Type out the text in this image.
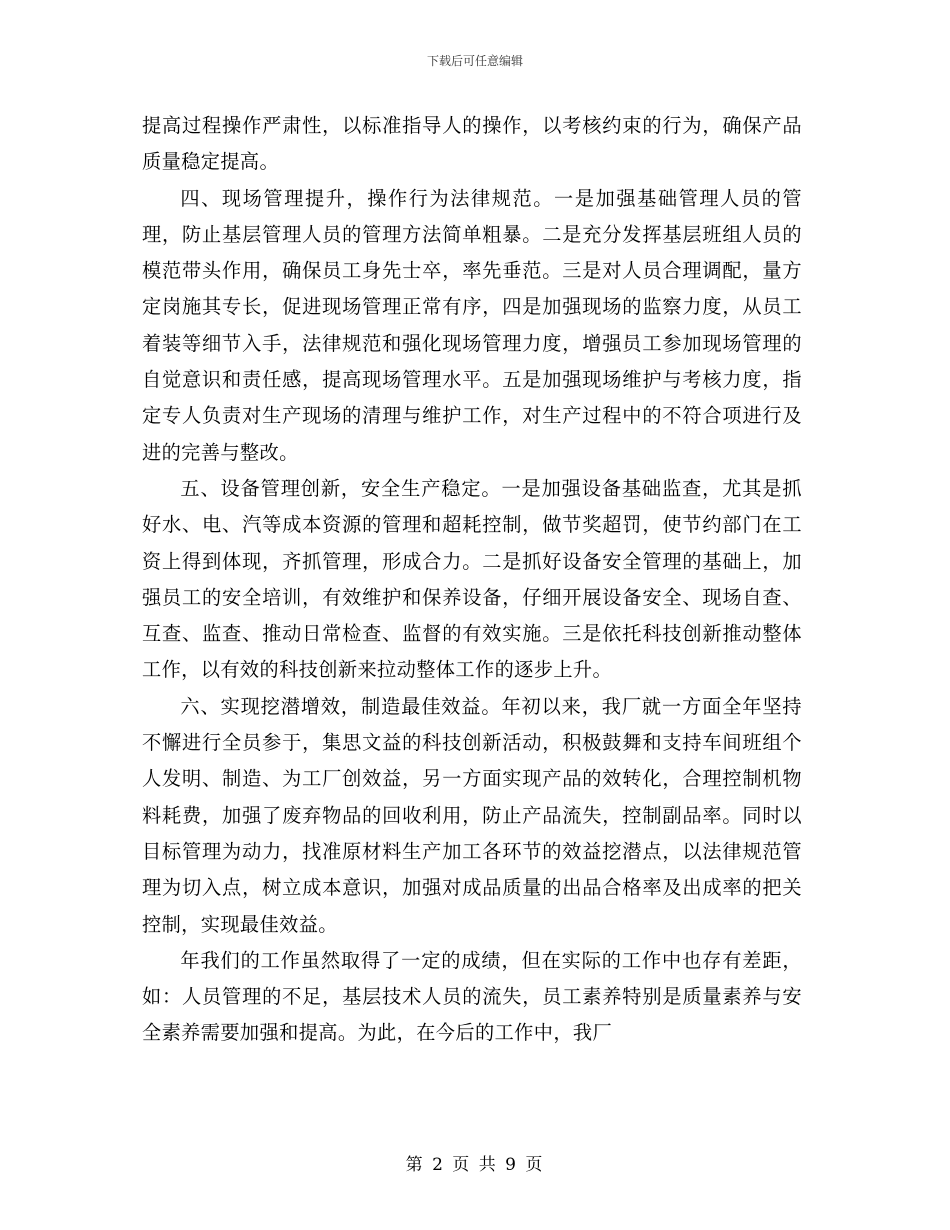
下载后可任意编辑

提高过程操作严肃性，以标准指导人的操作，以考核约束的行为，确保产品质量稳定提高。

四、现场管理提升，操作行为法律规范。一是加强基础管理人员的管理，防止基层管理人员的管理方法简单粗暴。二是充分发挥基层班组人员的模范带头作用，确保员工身先士卒，率先垂范。三是对人员合理调配，量方定岗施其专长，促进现场管理正常有序，四是加强现场的监察力度，从员工着装等细节入手，法律规范和强化现场管理力度，增强员工参加现场管理的自觉意识和责任感，提高现场管理水平。五是加强现场维护与考核力度，指定专人负责对生产现场的清理与维护工作，对生产过程中的不符合项进行及进的完善与整改。

五、设备管理创新，安全生产稳定。一是加强设备基础监查，尤其是抓好水、电、汽等成本资源的管理和超耗控制，做节奖超罚，使节约部门在工资上得到体现，齐抓管理，形成合力。二是抓好设备安全管理的基础上，加强员工的安全培训，有效维护和保养设备，仔细开展设备安全、现场自查、互查、监查、推动日常检查、监督的有效实施。三是依托科技创新推动整体工作，以有效的科技创新来拉动整体工作的逐步上升。

六、实现挖潜增效，制造最佳效益。年初以来，我厂就一方面全年坚持不懈进行全员参于，集思文益的科技创新活动，积极鼓舞和支持车间班组个人发明、制造、为工厂创效益，另一方面实现产品的效转化，合理控制机物料耗费，加强了废弃物品的回收利用，防止产品流失，控制副品率。同时以目标管理为动力，找准原材料生产加工各环节的效益挖潜点，以法律规范管理为切入点，树立成本意识，加强对成品质量的出品合格率及出成率的把关控制，实现最佳效益。

年我们的工作虽然取得了一定的成绩，但在实际的工作中也存有差距，如：人员管理的不足，基层技术人员的流失，员工素养特别是质量素养与安全素养需要加强和提高。为此，在今后的工作中，我厂

第 2 页 共 9 页
